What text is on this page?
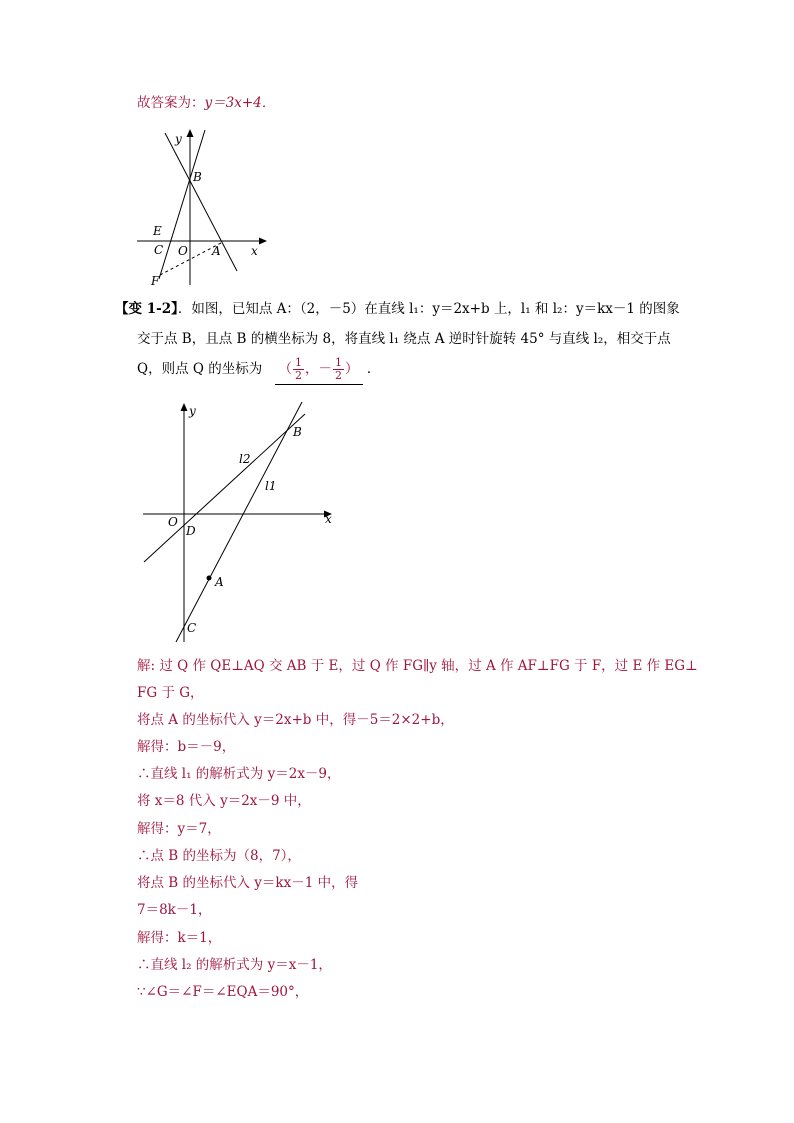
故答案为：y＝3x+4．
y
B
E
C O A	x
F
【变 1-2】．如图，已知点 A：（2，－5）在直线 l₁：y＝2x+b 上，l₁ 和 l₂：y＝kx－1 的图象
交于点 B，且点 B 的横坐标为 8，将直线 l₁ 绕点 A 逆时针旋转 45° 与直线 l₂，相交于点
Q，则点 Q 的坐标为 （ $\frac{1}{2}$ ，－ $\frac{1}{2}$ ） ．
y
B
l2
l1
x
O
D
A
C
解: 过 Q 作 QE⊥AQ 交 AB 于 E，过 Q 作 FG∥y 轴，过 A 作 AF⊥FG 于 F，过 E 作 EG⊥
FG 于 G，
将点 A 的坐标代入 y＝2x+b 中，得－5＝2×2+b，
解得：b＝－9，
∴直线 l₁ 的解析式为 y＝2x－9，
将 x＝8 代入 y＝2x－9 中，
解得：y＝7，
∴点 B 的坐标为（8，7），
将点 B 的坐标代入 y＝kx－1 中，得
7＝8k－1，
解得：k＝1，
∴直线 l₂ 的解析式为 y＝x－1，
∵∠G＝∠F＝∠EQA＝90°，
